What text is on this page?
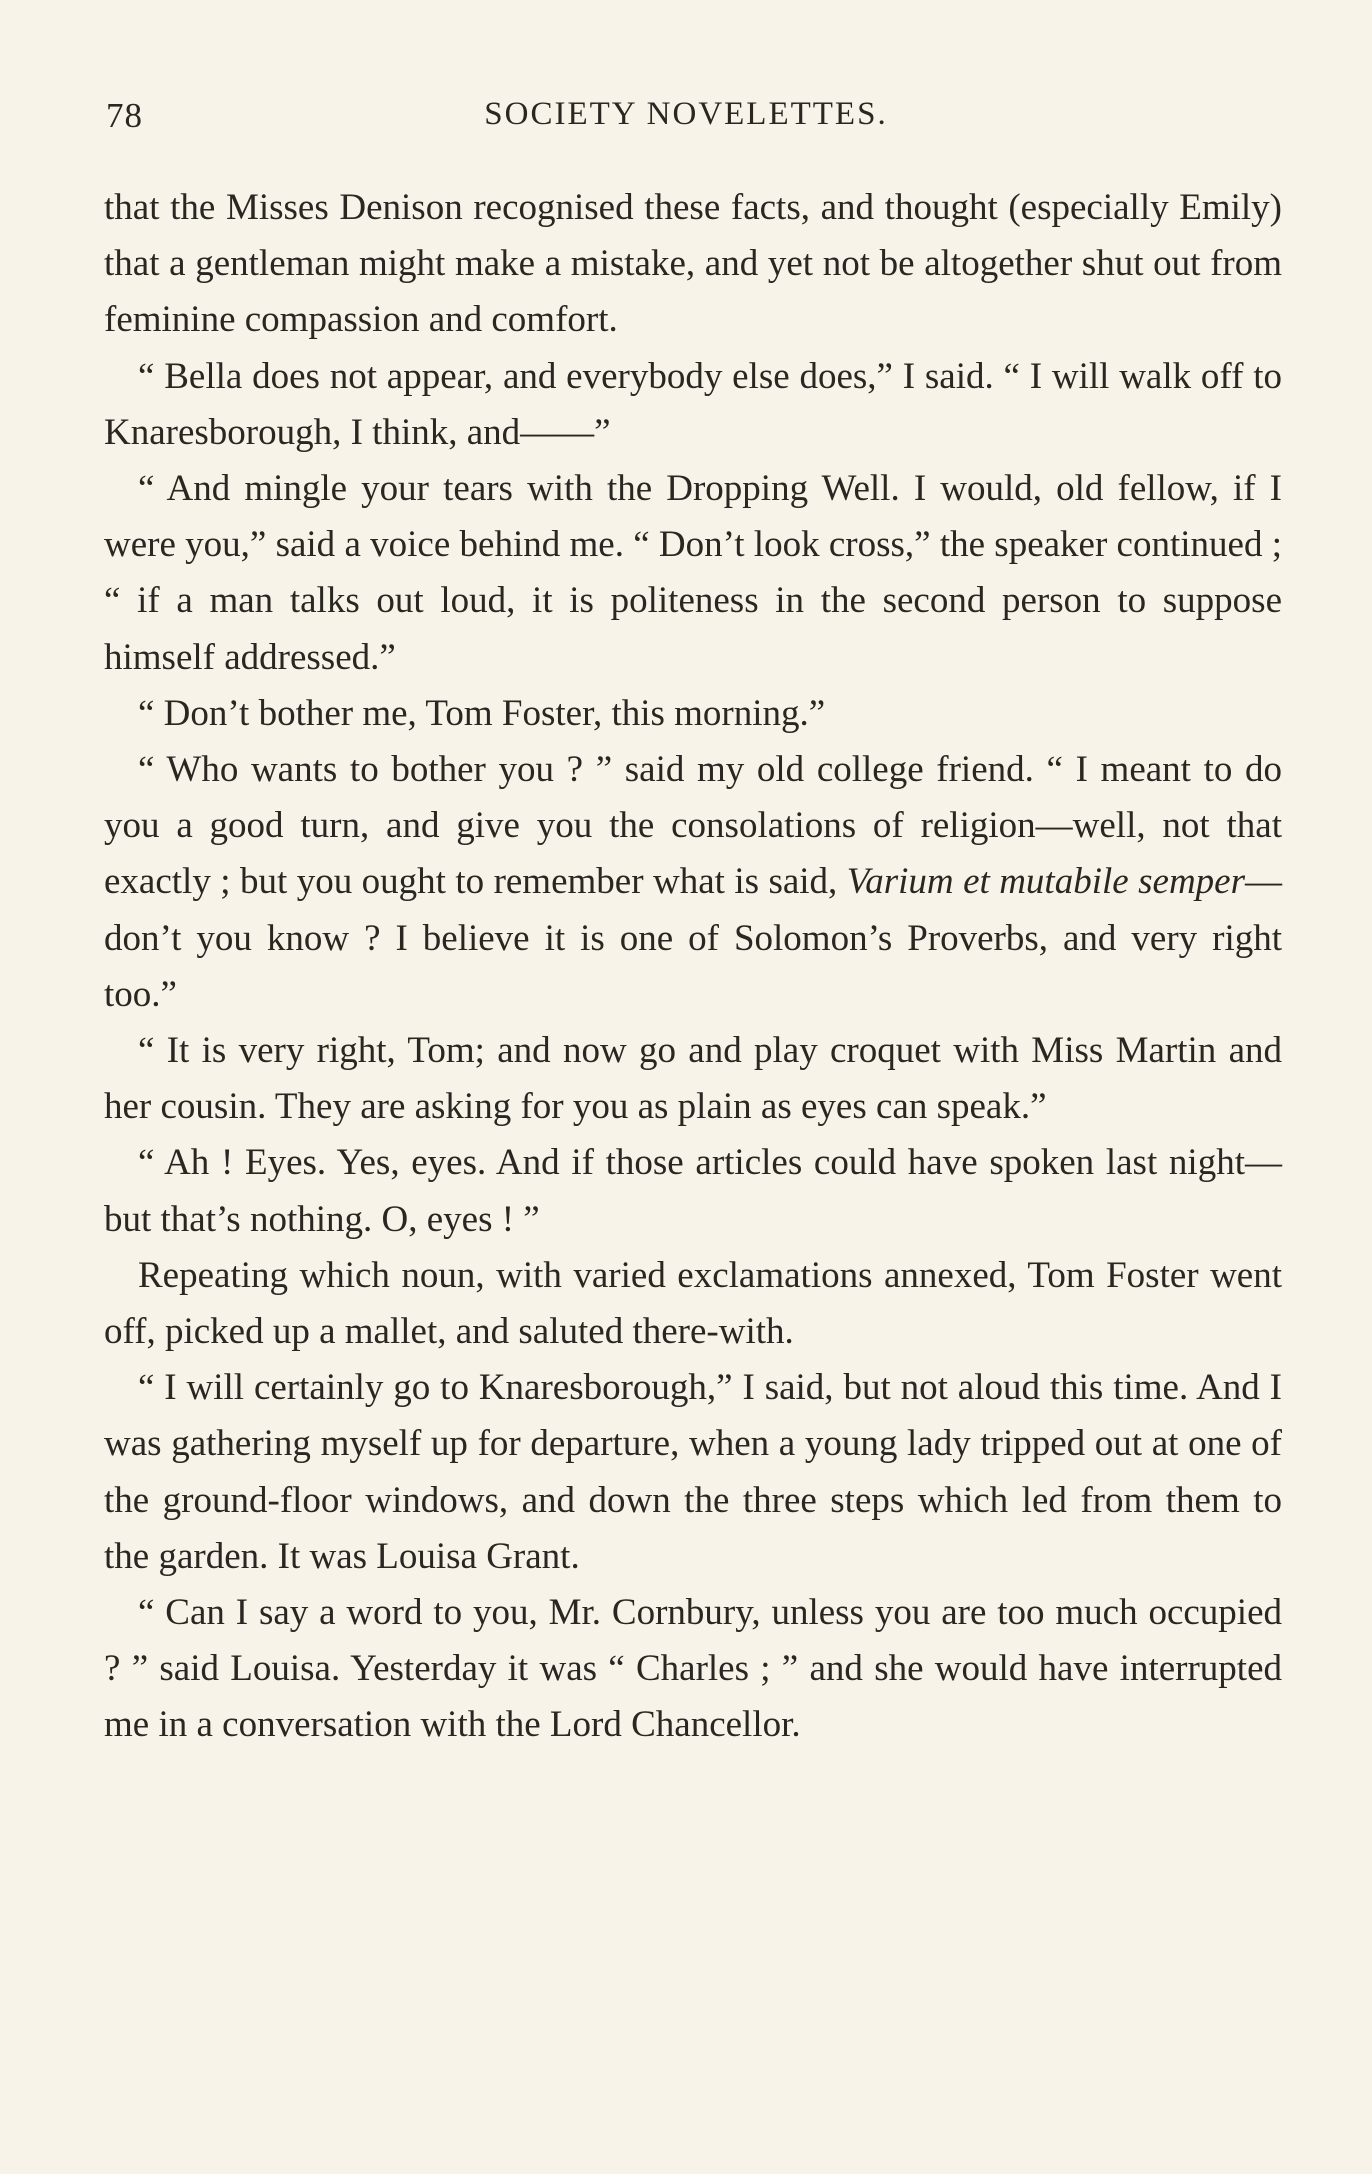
78	SOCIETY NOVELETTES.

that the Misses Denison recognised these facts, and thought (especially Emily) that a gentleman might make a mistake, and yet not be altogether shut out from feminine compassion and comfort.

“ Bella does not appear, and everybody else does,” I said. “ I will walk off to Knaresborough, I think, and——”

“ And mingle your tears with the Dropping Well. I would, old fellow, if I were you,” said a voice behind me. “ Don’t look cross,” the speaker continued ; “ if a man talks out loud, it is politeness in the second person to suppose himself addressed.”

“ Don’t bother me, Tom Foster, this morning.”

“ Who wants to bother you ? ” said my old college friend. “ I meant to do you a good turn, and give you the consolations of religion—well, not that exactly ; but you ought to remember what is said, Varium et mutabile semper—don’t you know ? I believe it is one of Solomon’s Proverbs, and very right too.”

“ It is very right, Tom; and now go and play croquet with Miss Martin and her cousin. They are asking for you as plain as eyes can speak.”

“ Ah ! Eyes. Yes, eyes. And if those articles could have spoken last night—but that’s nothing. O, eyes ! ”

Repeating which noun, with varied exclamations annexed, Tom Foster went off, picked up a mallet, and saluted there-with.

“ I will certainly go to Knaresborough,” I said, but not aloud this time. And I was gathering myself up for departure, when a young lady tripped out at one of the ground-floor windows, and down the three steps which led from them to the garden. It was Louisa Grant.

“ Can I say a word to you, Mr. Cornbury, unless you are too much occupied ? ” said Louisa. Yesterday it was “ Charles ; ” and she would have interrupted me in a conversation with the Lord Chancellor.
